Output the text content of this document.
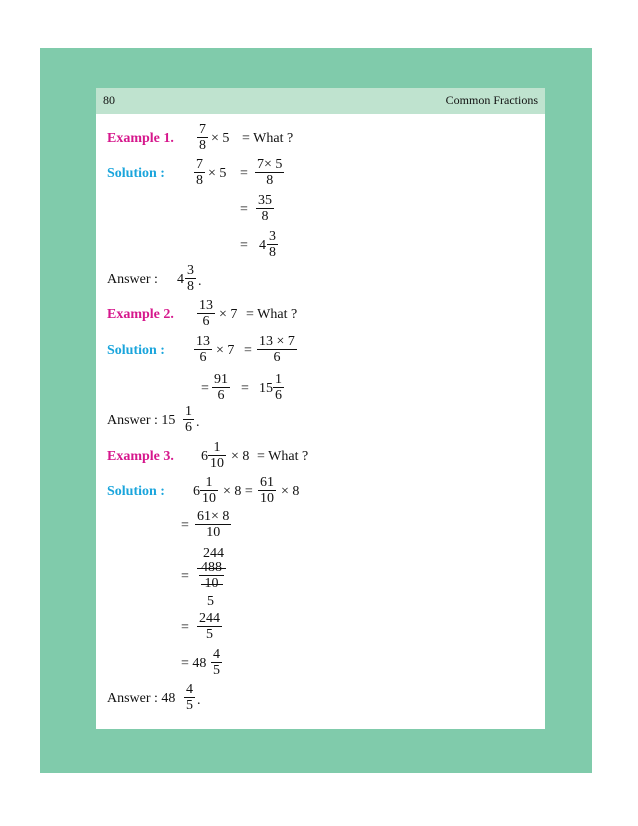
80	Common Fractions
Example 1. $\frac{7}{8} \times 5$ = What ?
Solution : $\frac{7}{8} \times 5 = \frac{7\times 5}{8}$
= $\frac{35}{8}$
= $4 \frac{3}{8}$
Answer : $4 \frac{3}{8}$ .
Example 2. $\frac{13}{6} \times 7$ = What ?
Solution : $\frac{13}{6} \times 7 = \frac{13 \times 7}{6}$
= $\frac{91}{6} = 15 \frac{1}{6}$
Answer : $15 \frac{1}{6}$ .
Example 3. $6 \frac{1}{10} \times 8$ = What ?
Solution : $6 \frac{1}{10} \times 8 = \frac{61}{10} \times 8$
= $\frac{61\times 8}{10}$
244
= $\frac{488}{10}$
5
= $\frac{244}{5}$
= $48 \frac{4}{5}$
Answer : $48 \frac{4}{5}$ .
